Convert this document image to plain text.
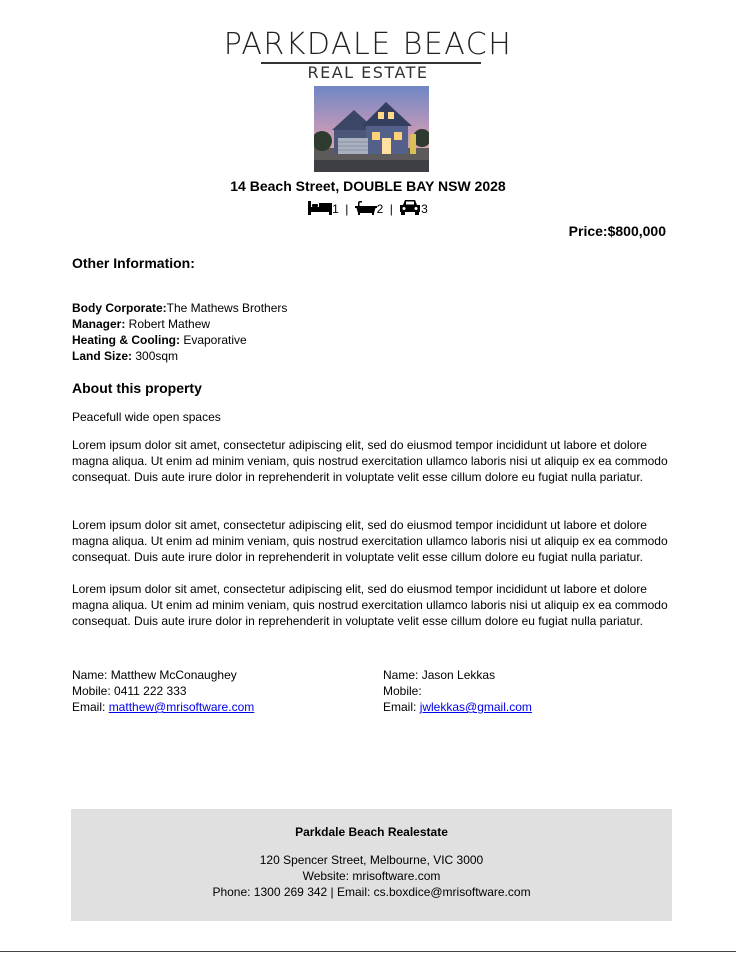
PARKDALE BEACH
REAL ESTATE
14 Beach Street, DOUBLE BAY NSW 2028
1 | 2 | 3
Price:$800,000
Other Information:
Body Corporate:The Mathews Brothers
Manager: Robert Mathew
Heating & Cooling: Evaporative
Land Size: 300sqm
About this property
Peacefull wide open spaces
Lorem ipsum dolor sit amet, consectetur adipiscing elit, sed do eiusmod tempor incididunt ut labore et dolore magna aliqua. Ut enim ad minim veniam, quis nostrud exercitation ullamco laboris nisi ut aliquip ex ea commodo consequat. Duis aute irure dolor in reprehenderit in voluptate velit esse cillum dolore eu fugiat nulla pariatur.
Lorem ipsum dolor sit amet, consectetur adipiscing elit, sed do eiusmod tempor incididunt ut labore et dolore magna aliqua. Ut enim ad minim veniam, quis nostrud exercitation ullamco laboris nisi ut aliquip ex ea commodo consequat. Duis aute irure dolor in reprehenderit in voluptate velit esse cillum dolore eu fugiat nulla pariatur.
Lorem ipsum dolor sit amet, consectetur adipiscing elit, sed do eiusmod tempor incididunt ut labore et dolore magna aliqua. Ut enim ad minim veniam, quis nostrud exercitation ullamco laboris nisi ut aliquip ex ea commodo consequat. Duis aute irure dolor in reprehenderit in voluptate velit esse cillum dolore eu fugiat nulla pariatur.
Name: Matthew McConaughey
Mobile: 0411 222 333
Email: matthew@mrisoftware.com
Name: Jason Lekkas
Mobile:
Email: jwlekkas@gmail.com
Parkdale Beach Realestate
120 Spencer Street, Melbourne, VIC 3000
Website: mrisoftware.com
Phone: 1300 269 342 | Email: cs.boxdice@mrisoftware.com
